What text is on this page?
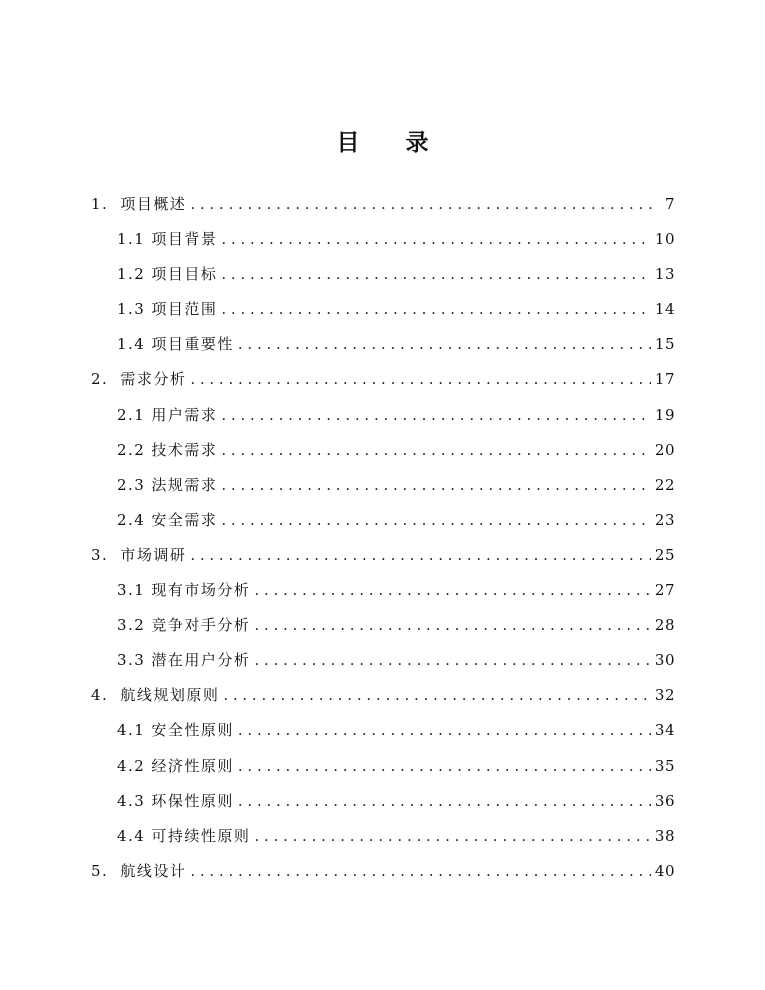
目录
1. 项目概述 . . .	7
1.1 项目背景 . . .	10
1.2 项目目标 . . .	13
1.3 项目范围 . . .	14
1.4 项目重要性 . . .	15
2. 需求分析 . . .	17
2.1 用户需求 . . .	19
2.2 技术需求 . . .	20
2.3 法规需求 . . .	22
2.4 安全需求 . . .	23
3. 市场调研 . . .	25
3.1 现有市场分析 . . .	27
3.2 竞争对手分析 . . .	28
3.3 潜在用户分析 . . .	30
4. 航线规划原则 . . .	32
4.1 安全性原则 . . .	34
4.2 经济性原则 . . .	35
4.3 环保性原则 . . .	36
4.4 可持续性原则 . . .	38
5. 航线设计 . . .	40
